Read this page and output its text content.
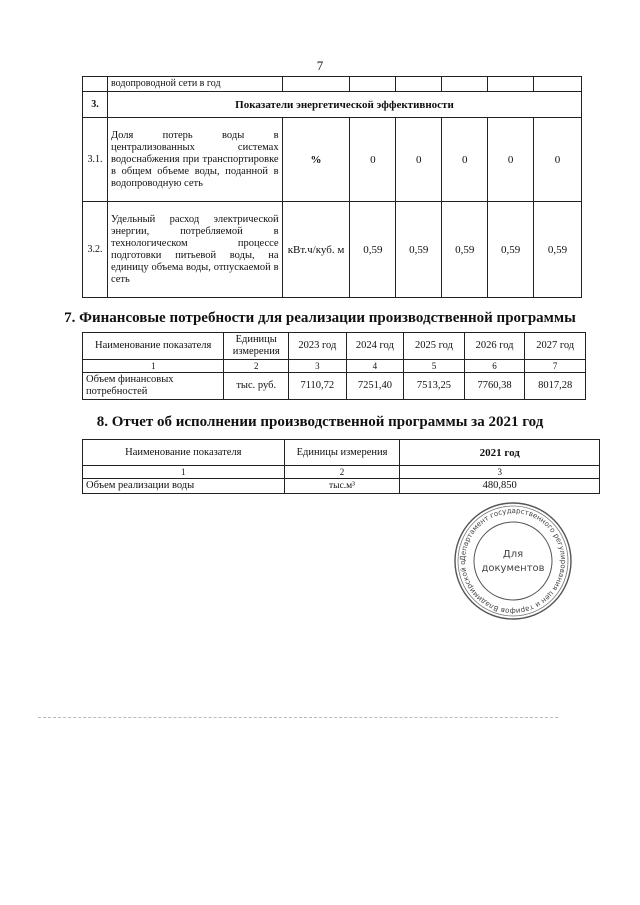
7
	водопроводной сети в год						
3.	Показатели энергетической эффективности						
3.1.	Доля потерь воды в централизованных системах водоснабжения при транспортировке в общем объеме воды, поданной в водопроводную сеть	%	0	0	0	0	0
3.2.	Удельный расход электрической энергии, потребляемой в технологическом процессе подготовки питьевой воды, на единицу объема воды, отпускаемой в сеть	кВт.ч/куб. м	0,59	0,59	0,59	0,59	0,59
7. Финансовые потребности для реализации производственной программы
Наименование показателя	Единицы измерения	2023 год	2024 год	2025 год	2026 год	2027 год
1	2	3	4	5	6	7
Объем финансовых потребностей	тыс. руб.	7110,72	7251,40	7513,25	7760,38	8017,28
8. Отчет об исполнении производственной программы за 2021 год
Наименование показателя	Единицы измерения	2021 год
1	2	3
Объем реализации воды	тыс.м³	480,850
Департамент государственного регулирования цен и тарифов Владимирской о
Для
документов
